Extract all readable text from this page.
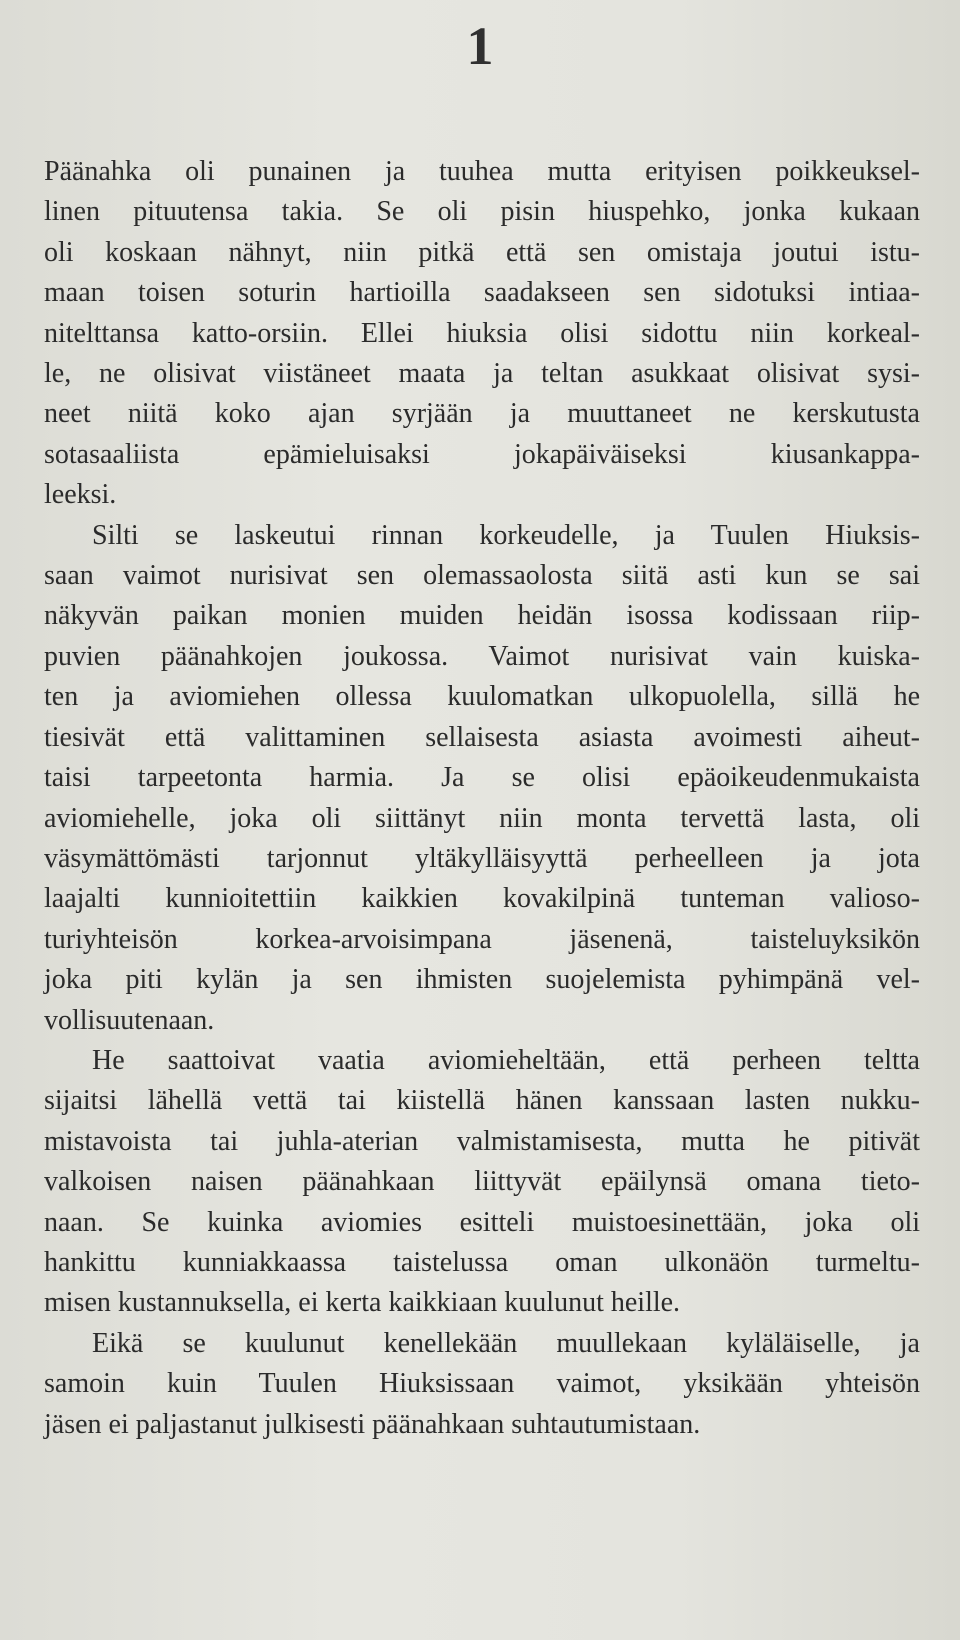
1

Päänahka oli punainen ja tuuhea mutta erityisen poikkeuksel-
linen pituutensa takia. Se oli pisin hiuspehko, jonka kukaan
oli koskaan nähnyt, niin pitkä että sen omistaja joutui istu-
maan toisen soturin hartioilla saadakseen sen sidotuksi intiaa-
nitelttansa katto-orsiin. Ellei hiuksia olisi sidottu niin korkeal-
le, ne olisivat viistäneet maata ja teltan asukkaat olisivat sysi-
neet niitä koko ajan syrjään ja muuttaneet ne kerskutusta
sotasaaliista epämieluisaksi jokapäiväiseksi kiusankappa-
leeksi.

Silti se laskeutui rinnan korkeudelle, ja Tuulen Hiuksis-
saan vaimot nurisivat sen olemassaolosta siitä asti kun se sai
näkyvän paikan monien muiden heidän isossa kodissaan riip-
puvien päänahkojen joukossa. Vaimot nurisivat vain kuiska-
ten ja aviomiehen ollessa kuulomatkan ulkopuolella, sillä he
tiesivät että valittaminen sellaisesta asiasta avoimesti aiheut-
taisi tarpeetonta harmia. Ja se olisi epäoikeudenmukaista
aviomiehelle, joka oli siittänyt niin monta tervettä lasta, oli
väsymättömästi tarjonnut yltäkylläisyyttä perheelleen ja jota
laajalti kunnioitettiin kaikkien kovakilpinä tunteman valioso-
turiyhteisön korkea-arvoisimpana jäsenenä, taisteluyksikön
joka piti kylän ja sen ihmisten suojelemista pyhimpänä vel-
vollisuutenaan.

He saattoivat vaatia aviomieheltään, että perheen teltta
sijaitsi lähellä vettä tai kiistellä hänen kanssaan lasten nukku-
mistavoista tai juhla-aterian valmistamisesta, mutta he pitivät
valkoisen naisen päänahkaan liittyvät epäilynsä omana tieto-
naan. Se kuinka aviomies esitteli muistoesinettään, joka oli
hankittu kunniakkaassa taistelussa oman ulkonäön turmeltu-
misen kustannuksella, ei kerta kaikkiaan kuulunut heille.

Eikä se kuulunut kenellekään muullekaan kyläläiselle, ja
samoin kuin Tuulen Hiuksissaan vaimot, yksikään yhteisön
jäsen ei paljastanut julkisesti päänahkaan suhtautumistaan.
